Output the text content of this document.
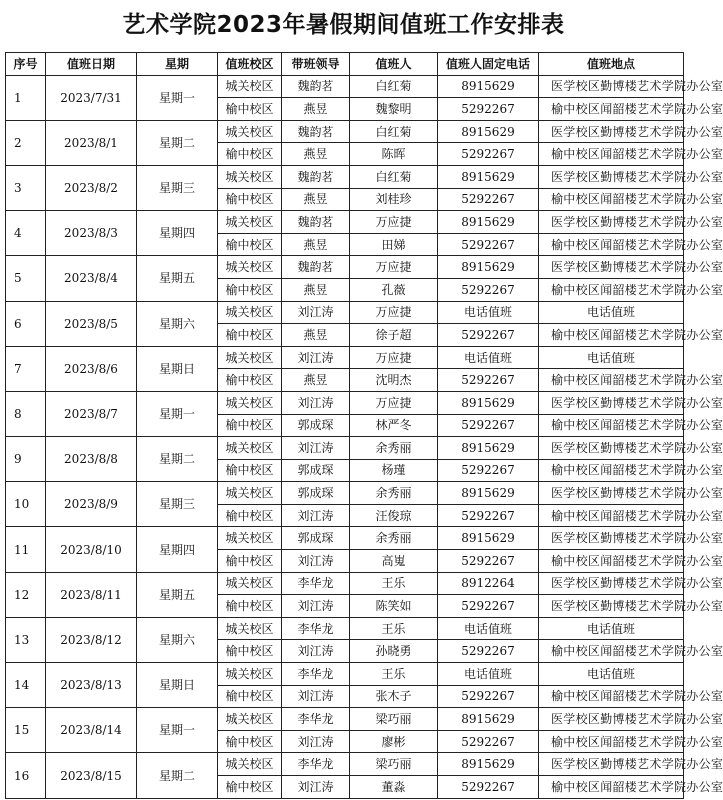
艺术学院2023年暑假期间值班工作安排表
序号	值班日期	星期	值班校区	带班领导	值班人	值班人固定电话	值班地点
1	2023/7/31	星期一	城关校区	魏韵茗	白红菊	8915629	医学校区勤博楼艺术学院办公室
			榆中校区	燕昱	魏黎明	5292267	榆中校区闻韶楼艺术学院办公室
2	2023/8/1	星期二	城关校区	魏韵茗	白红菊	8915629	医学校区勤博楼艺术学院办公室
			榆中校区	燕昱	陈晖	5292267	榆中校区闻韶楼艺术学院办公室
3	2023/8/2	星期三	城关校区	魏韵茗	白红菊	8915629	医学校区勤博楼艺术学院办公室
			榆中校区	燕昱	刘桂珍	5292267	榆中校区闻韶楼艺术学院办公室
4	2023/8/3	星期四	城关校区	魏韵茗	万应捷	8915629	医学校区勤博楼艺术学院办公室
			榆中校区	燕昱	田娣	5292267	榆中校区闻韶楼艺术学院办公室
5	2023/8/4	星期五	城关校区	魏韵茗	万应捷	8915629	医学校区勤博楼艺术学院办公室
			榆中校区	燕昱	孔薇	5292267	榆中校区闻韶楼艺术学院办公室
6	2023/8/5	星期六	城关校区	刘江涛	万应捷	电话值班	电话值班
			榆中校区	燕昱	徐子超	5292267	榆中校区闻韶楼艺术学院办公室
7	2023/8/6	星期日	城关校区	刘江涛	万应捷	电话值班	电话值班
			榆中校区	燕昱	沈明杰	5292267	榆中校区闻韶楼艺术学院办公室
8	2023/8/7	星期一	城关校区	刘江涛	万应捷	8915629	医学校区勤博楼艺术学院办公室
			榆中校区	郭成琛	林严冬	5292267	榆中校区闻韶楼艺术学院办公室
9	2023/8/8	星期二	城关校区	刘江涛	余秀丽	8915629	医学校区勤博楼艺术学院办公室
			榆中校区	郭成琛	杨瑾	5292267	榆中校区闻韶楼艺术学院办公室
10	2023/8/9	星期三	城关校区	郭成琛	余秀丽	8915629	医学校区勤博楼艺术学院办公室
			榆中校区	刘江涛	汪俊琼	5292267	榆中校区闻韶楼艺术学院办公室
11	2023/8/10	星期四	城关校区	郭成琛	余秀丽	8915629	医学校区勤博楼艺术学院办公室
			榆中校区	刘江涛	高嵬	5292267	榆中校区闻韶楼艺术学院办公室
12	2023/8/11	星期五	城关校区	李华龙	王乐	8912264	医学校区勤博楼艺术学院办公室
			榆中校区	刘江涛	陈笑如	5292267	医学校区勤博楼艺术学院办公室
13	2023/8/12	星期六	城关校区	李华龙	王乐	电话值班	电话值班
			榆中校区	刘江涛	孙晓勇	5292267	榆中校区闻韶楼艺术学院办公室
14	2023/8/13	星期日	城关校区	李华龙	王乐	电话值班	电话值班
			榆中校区	刘江涛	张木子	5292267	榆中校区闻韶楼艺术学院办公室
15	2023/8/14	星期一	城关校区	李华龙	梁巧丽	8915629	医学校区勤博楼艺术学院办公室
			榆中校区	刘江涛	廖彬	5292267	榆中校区闻韶楼艺术学院办公室
16	2023/8/15	星期二	城关校区	李华龙	梁巧丽	8915629	医学校区勤博楼艺术学院办公室
			榆中校区	刘江涛	董淼	5292267	榆中校区闻韶楼艺术学院办公室
